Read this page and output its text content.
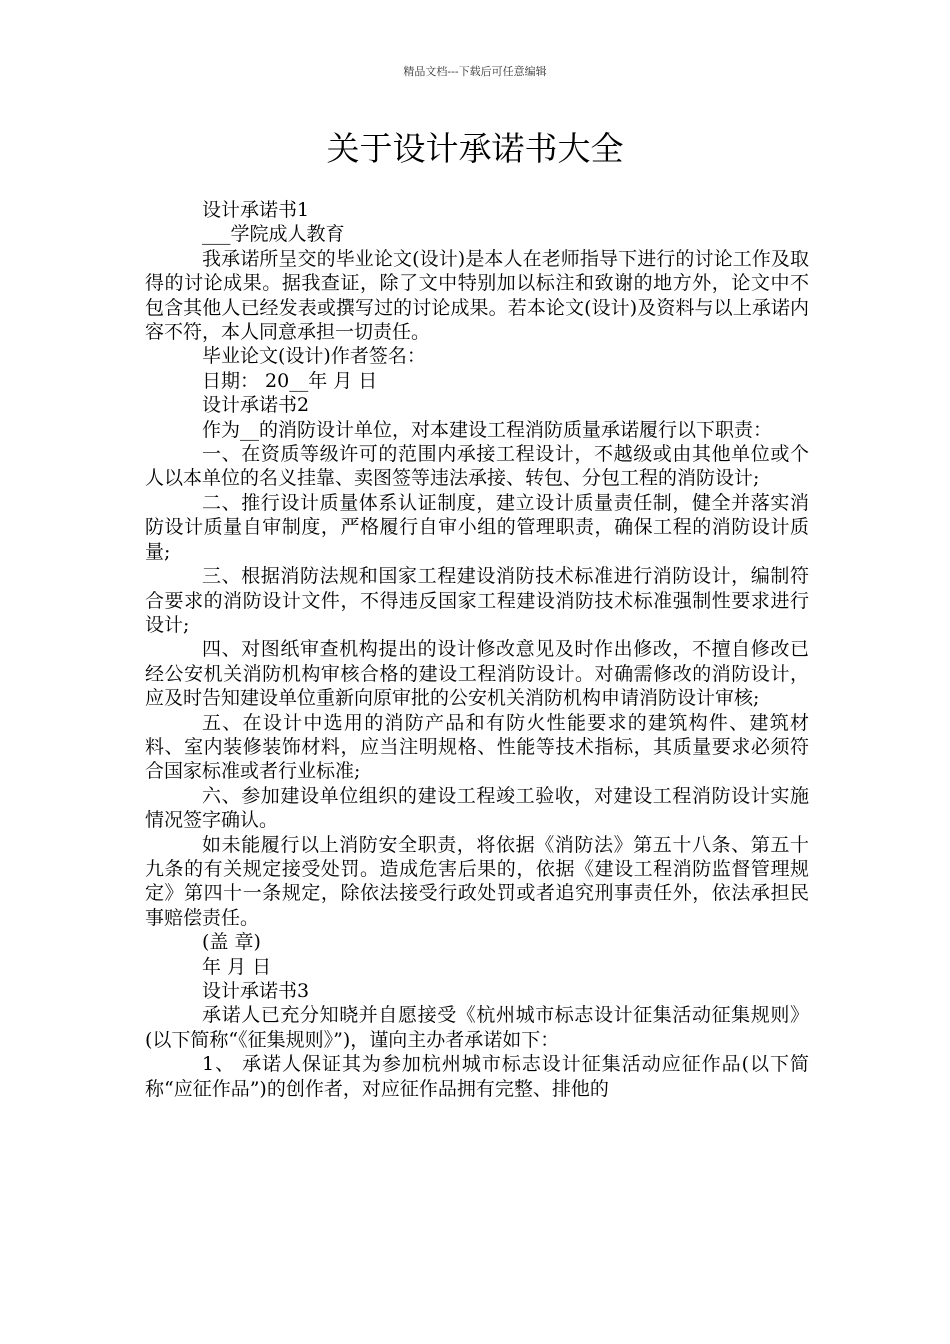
精品文档---下载后可任意编辑
关于设计承诺书大全

设计承诺书1

___学院成人教育

我承诺所呈交的毕业论文(设计)是本人在老师指导下进行的讨论工作及取得的讨论成果。据我查证，除了文中特别加以标注和致谢的地方外，论文中不包含其他人已经发表或撰写过的讨论成果。若本论文(设计)及资料与以上承诺内容不符，本人同意承担一切责任。

毕业论文(设计)作者签名：

日期： 20__年 月 日

设计承诺书2

作为__的消防设计单位，对本建设工程消防质量承诺履行以下职责：

一、在资质等级许可的范围内承接工程设计，不越级或由其他单位或个人以本单位的名义挂靠、卖图签等违法承接、转包、分包工程的消防设计;

二、推行设计质量体系认证制度，建立设计质量责任制，健全并落实消防设计质量自审制度，严格履行自审小组的管理职责，确保工程的消防设计质量;

三、根据消防法规和国家工程建设消防技术标准进行消防设计，编制符合要求的消防设计文件，不得违反国家工程建设消防技术标准强制性要求进行设计;

四、对图纸审查机构提出的设计修改意见及时作出修改，不擅自修改已经公安机关消防机构审核合格的建设工程消防设计。对确需修改的消防设计，应及时告知建设单位重新向原审批的公安机关消防机构申请消防设计审核;

五、在设计中选用的消防产品和有防火性能要求的建筑构件、建筑材料、室内装修装饰材料，应当注明规格、性能等技术指标，其质量要求必须符合国家标准或者行业标准;

六、参加建设单位组织的建设工程竣工验收，对建设工程消防设计实施情况签字确认。

如未能履行以上消防安全职责，将依据《消防法》第五十八条、第五十九条的有关规定接受处罚。造成危害后果的，依据《建设工程消防监督管理规定》第四十一条规定，除依法接受行政处罚或者追究刑事责任外，依法承担民事赔偿责任。

(盖 章)

年 月 日

设计承诺书3

承诺人已充分知晓并自愿接受《杭州城市标志设计征集活动征集规则》(以下简称“《征集规则》”)，谨向主办者承诺如下：

1、 承诺人保证其为参加杭州城市标志设计征集活动应征作品(以下简称“应征作品”)的创作者，对应征作品拥有完整、排他的
